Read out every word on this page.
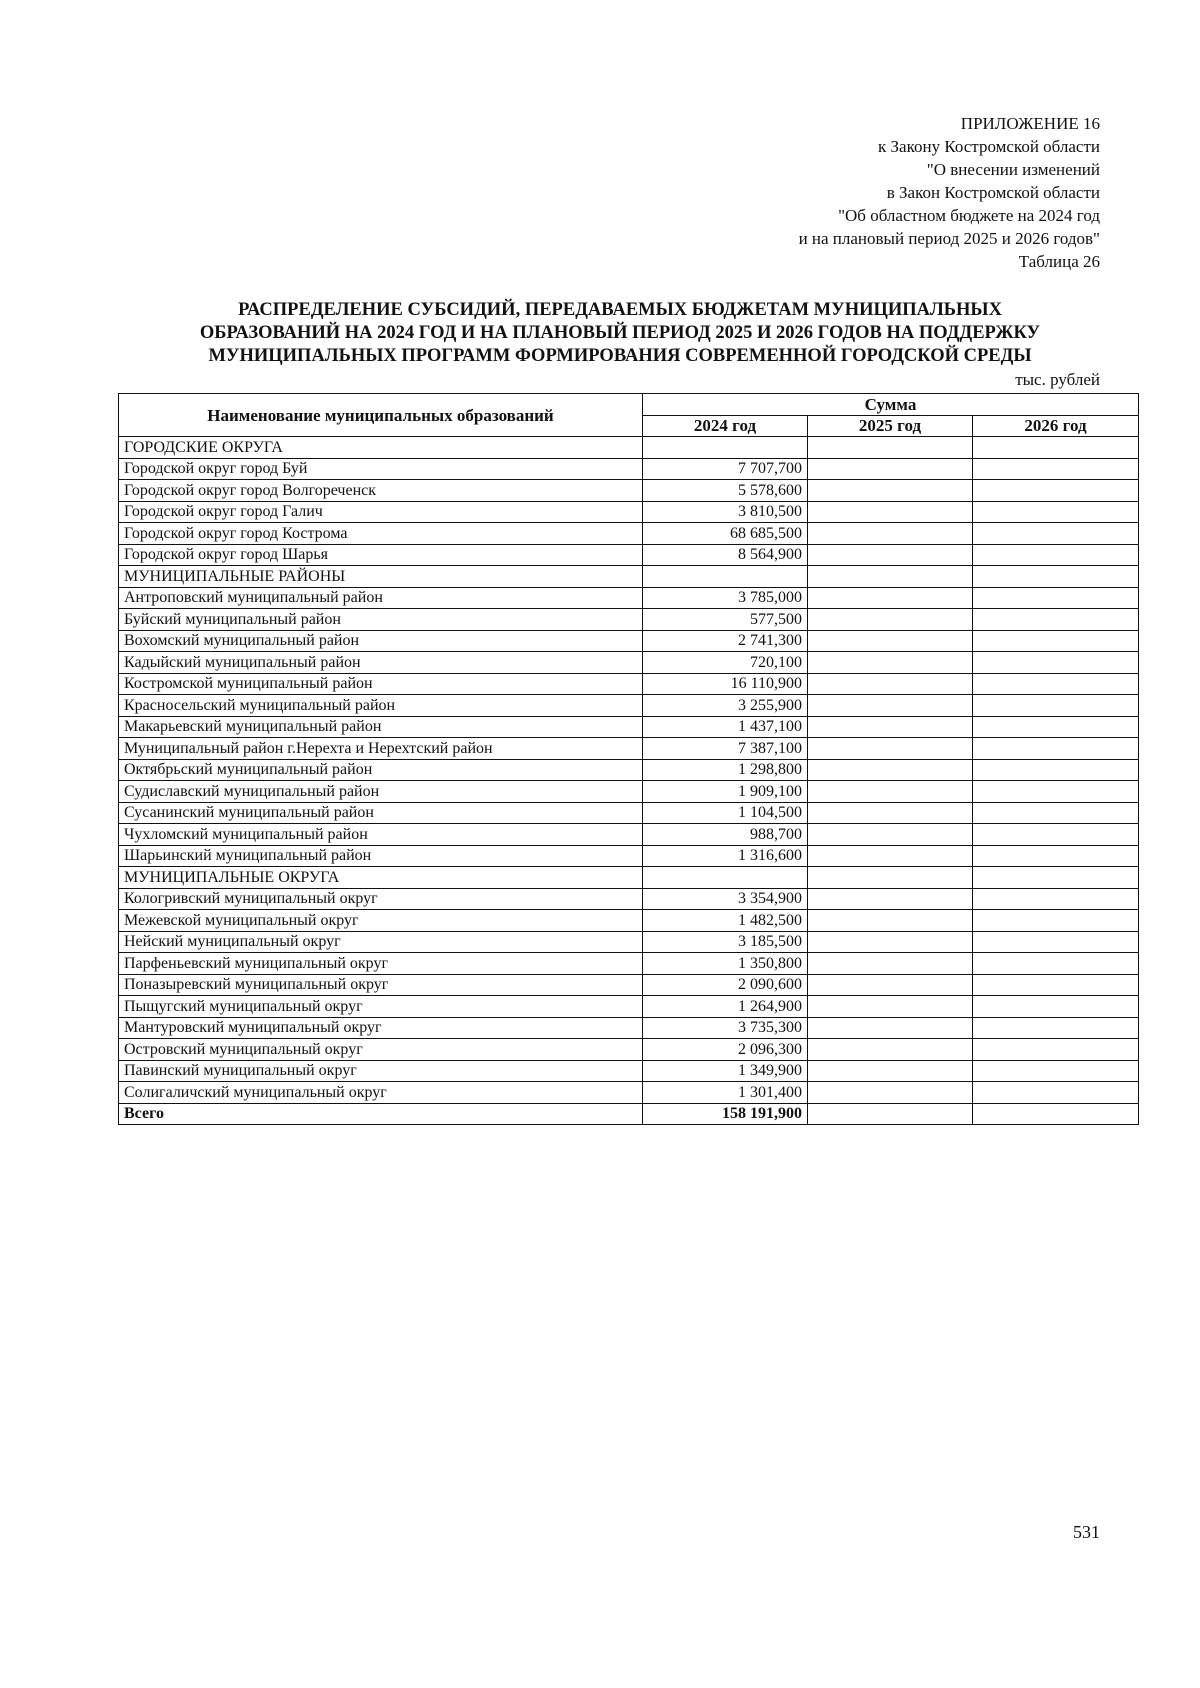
ПРИЛОЖЕНИЕ 16
к Закону Костромской области
"О внесении изменений
в Закон Костромской области
"Об областном бюджете на 2024 год
и на плановый период 2025 и 2026 годов"
Таблица 26
РАСПРЕДЕЛЕНИЕ СУБСИДИЙ, ПЕРЕДАВАЕМЫХ БЮДЖЕТАМ МУНИЦИПАЛЬНЫХ
ОБРАЗОВАНИЙ НА 2024 ГОД И НА ПЛАНОВЫЙ ПЕРИОД 2025 И 2026 ГОДОВ НА ПОДДЕРЖКУ
МУНИЦИПАЛЬНЫХ ПРОГРАММ ФОРМИРОВАНИЯ СОВРЕМЕННОЙ ГОРОДСКОЙ СРЕДЫ
тыс. рублей
Наименование муниципальных образований	Сумма		
	2024 год	2025 год	2026 год
ГОРОДСКИЕ ОКРУГА			
Городской округ город Буй	7 707,700		
Городской округ город Волгореченск	5 578,600		
Городской округ город Галич	3 810,500		
Городской округ город Кострома	68 685,500		
Городской округ город Шарья	8 564,900		
МУНИЦИПАЛЬНЫЕ РАЙОНЫ			
Антроповский муниципальный район	3 785,000		
Буйский муниципальный район	577,500		
Вохомский муниципальный район	2 741,300		
Кадыйский муниципальный район	720,100		
Костромской муниципальный район	16 110,900		
Красносельский муниципальный район	3 255,900		
Макарьевский муниципальный район	1 437,100		
Муниципальный район г.Нерехта и Нерехтский район	7 387,100		
Октябрьский муниципальный район	1 298,800		
Судиславский муниципальный район	1 909,100		
Сусанинский муниципальный район	1 104,500		
Чухломский муниципальный район	988,700		
Шарьинский муниципальный район	1 316,600		
МУНИЦИПАЛЬНЫЕ ОКРУГА			
Кологривский муниципальный округ	3 354,900		
Межевской муниципальный округ	1 482,500		
Нейский муниципальный округ	3 185,500		
Парфеньевский муниципальный округ	1 350,800		
Поназыревский муниципальный округ	2 090,600		
Пыщугский муниципальный округ	1 264,900		
Мантуровский муниципальный округ	3 735,300		
Островский муниципальный округ	2 096,300		
Павинский муниципальный округ	1 349,900		
Солигаличский муниципальный округ	1 301,400		
Всего	158 191,900		
531
